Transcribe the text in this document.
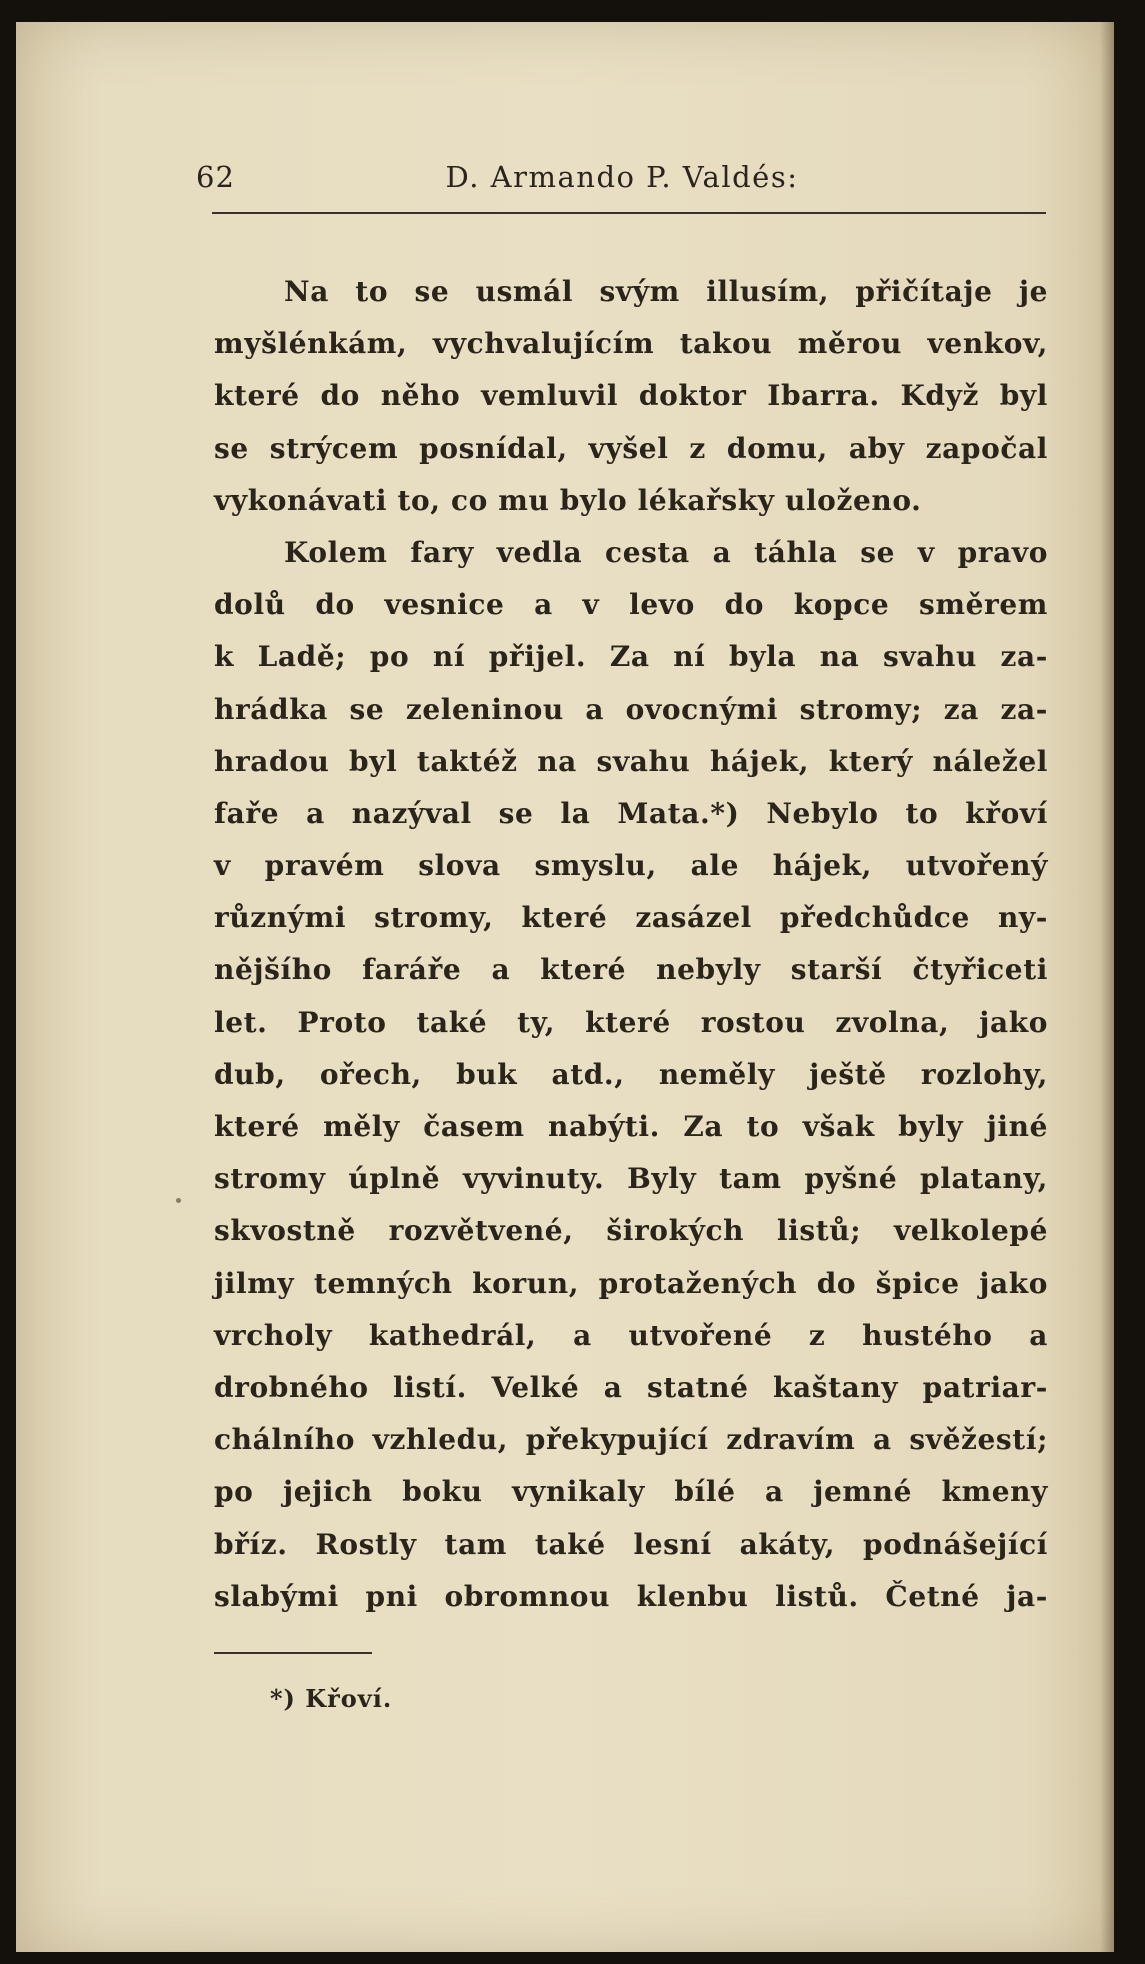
62	D. Armando P. Valdés:
Na to se usmál svým illusím, přičítaje je
myšlénkám, vychvalujícím takou měrou venkov,
které do něho vemluvil doktor Ibarra. Když byl
se strýcem posnídal, vyšel z domu, aby započal
vykonávati to, co mu bylo lékařsky uloženo.
Kolem fary vedla cesta a táhla se v pravo
dolů do vesnice a v levo do kopce směrem
k Ladě; po ní přijel. Za ní byla na svahu za-
hrádka se zeleninou a ovocnými stromy; za za-
hradou byl taktéž na svahu hájek, který náležel
faře a nazýval se la Mata.*) Nebylo to křoví
v pravém slova smyslu, ale hájek, utvořený
různými stromy, které zasázel předchůdce ny-
nějšího faráře a které nebyly starší čtyřiceti
let. Proto také ty, které rostou zvolna, jako
dub, ořech, buk atd., neměly ještě rozlohy,
které měly časem nabýti. Za to však byly jiné
stromy úplně vyvinuty. Byly tam pyšné platany,
skvostně rozvětvené, širokých listů; velkolepé
jilmy temných korun, protažených do špice jako
vrcholy kathedrál, a utvořené z hustého a
drobného listí. Velké a statné kaštany patriar-
chálního vzhledu, překypující zdravím a svěžestí;
po jejich boku vynikaly bílé a jemné kmeny
bříz. Rostly tam také lesní akáty, podnášející
slabými pni obromnou klenbu listů. Četné ja-
*) Křoví.
